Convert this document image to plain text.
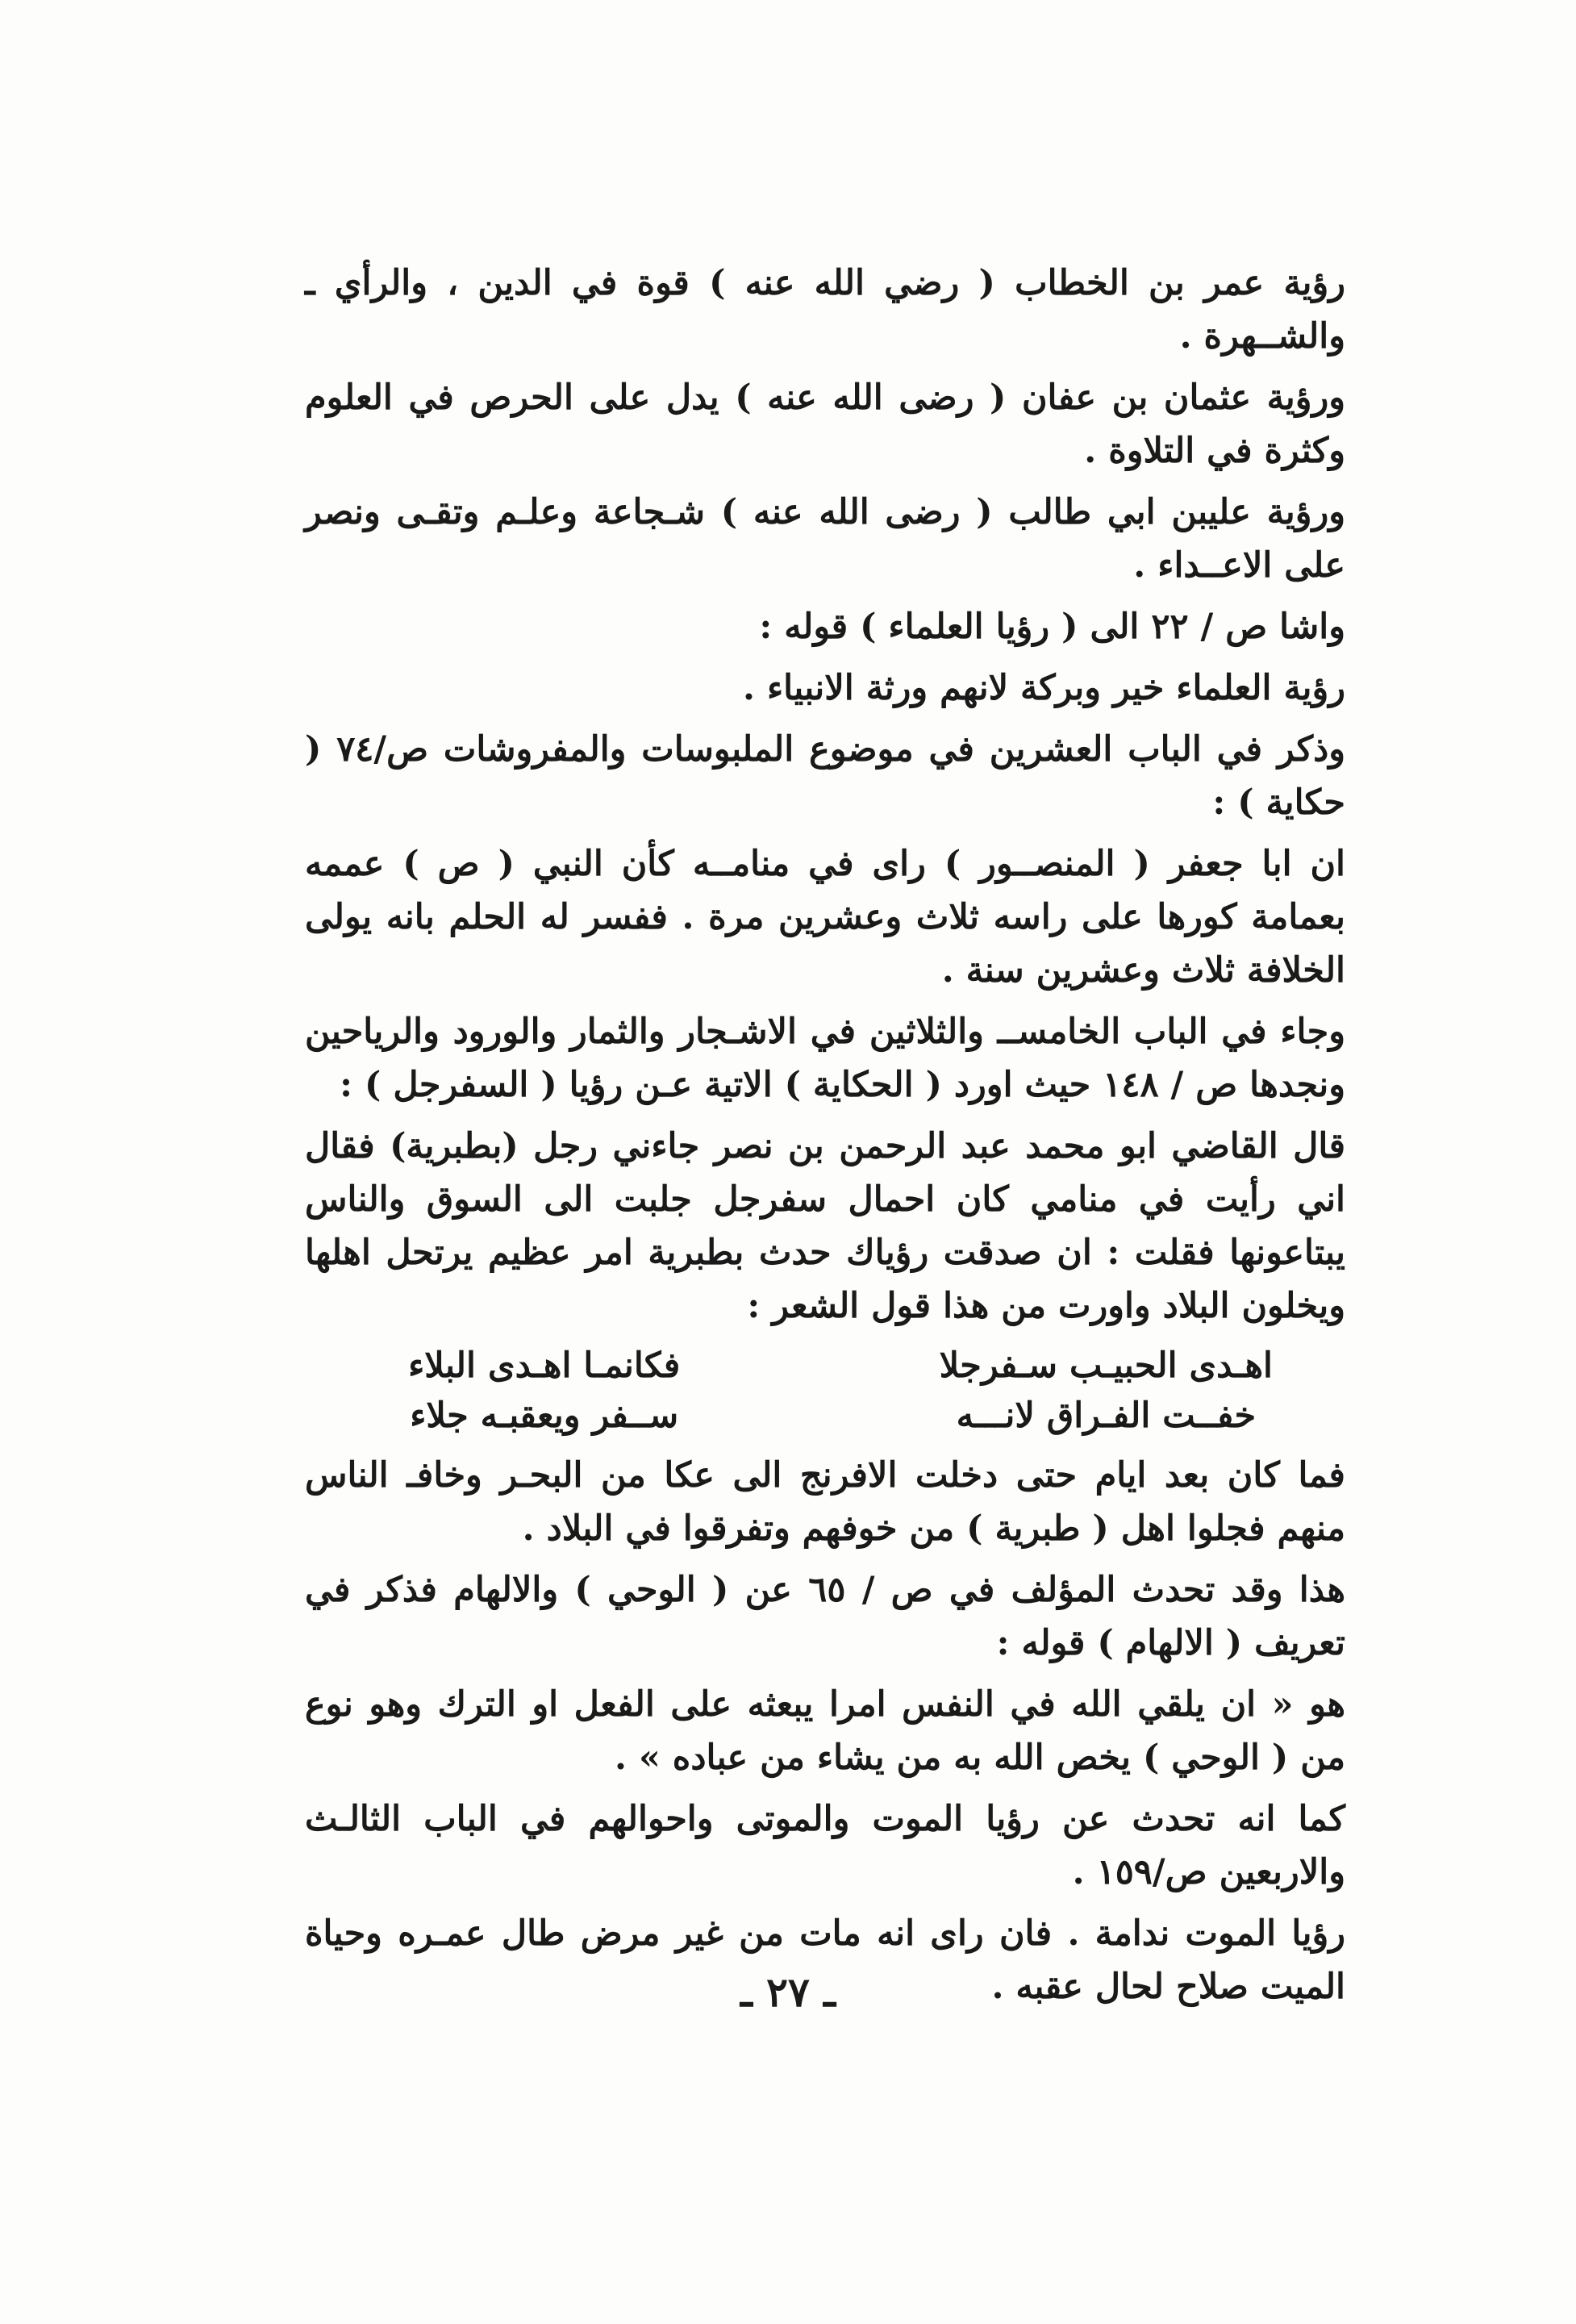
رؤية عمر بن الخطاب ( رضي الله عنه ) قوة في الدين ، والرأي ـ والشــهرة .

ورؤية عثمان بن عفان ( رضى الله عنه ) يدل على الحرص في العلوم وكثرة في التلاوة .

ورؤية عليبن ابي طالب ( رضى الله عنه ) شـجاعة وعلـم وتقـى ونصر على الاعــداء .

واشا ص / ٢٢ الى ( رؤيا العلماء ) قوله :

رؤية العلماء خير وبركة لانهم ورثة الانبياء .

وذكر في الباب العشرين في موضوع الملبوسات والمفروشات ص/٧٤ ( حكاية ) :

ان ابا جعفر ( المنصــور ) راى في منامــه كأن النبي ( ص ) عممه بعمامة كورها على راسه ثلاث وعشرين مرة . ففسر له الحلم بانه يولى الخلافة ثلاث وعشرين سنة .

وجاء في الباب الخامســ والثلاثين في الاشـجار والثمار والورود والرياحين ونجدها ص / ١٤٨ حيث اورد ( الحكاية ) الاتية عـن رؤيا ( السفرجل ) :

قال القاضي ابو محمد عبد الرحمن بن نصر جاءني رجل (بطبرية) فقال اني رأيت في منامي كان احمال سفرجل جلبت الى السوق والناس يبتاعونها فقلت : ان صدقت رؤياك حدث بطبرية امر عظيم يرتحل اهلها ويخلون البلاد واورت من هذا قول الشعر :

اهـدى الحبيـب سـفرجلا
فكانمـا اهـدى البلاء
خفــت الفـراق لانـــه
ســفر ويعقبـه جلاء

فما كان بعد ايام حتى دخلت الافرنج الى عكا من البحـر وخافـ الناس منهم فجلوا اهل ( طبرية ) من خوفهم وتفرقوا في البلاد .

هذا وقد تحدث المؤلف في ص / ٦٥ عن ( الوحي ) والالهام فذكر في تعريف ( الالهام ) قوله :

هو « ان يلقي الله في النفس امرا يبعثه على الفعل او الترك وهو نوع من ( الوحي ) يخص الله به من يشاء من عباده » .

كما انه تحدث عن رؤيا الموت والموتى واحوالهم في الباب الثالـث والاربعين ص/١٥٩ .

رؤيا الموت ندامة . فان راى انه مات من غير مرض طال عمـره وحياة الميت صلاح لحال عقبه .

ـ ٢٧ ـ
